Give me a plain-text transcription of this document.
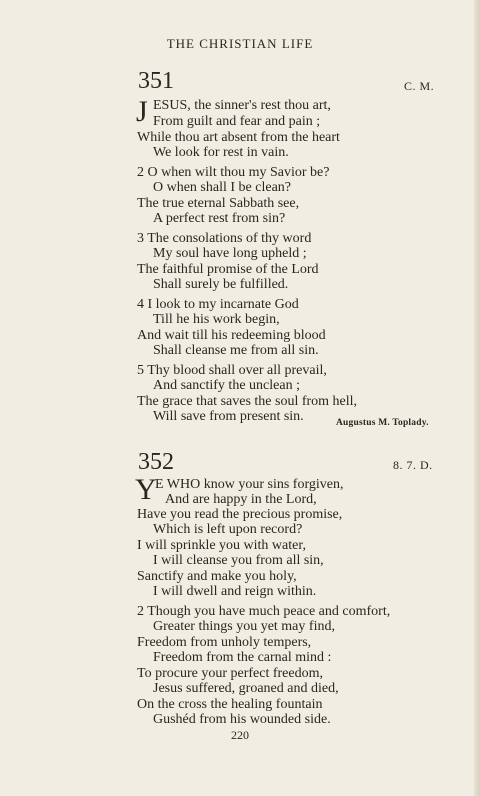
THE CHRISTIAN LIFE
351	C. M.
J ESUS, the sinner's rest thou art,
From guilt and fear and pain ;
While thou art absent from the heart
We look for rest in vain.
2 O when wilt thou my Savior be?
O when shall I be clean?
The true eternal Sabbath see,
A perfect rest from sin?
3 The consolations of thy word
My soul have long upheld ;
The faithful promise of the Lord
Shall surely be fulfilled.
4 I look to my incarnate God
Till he his work begin,
And wait till his redeeming blood
Shall cleanse me from all sin.
5 Thy blood shall over all prevail,
And sanctify the unclean ;
The grace that saves the soul from hell,
Will save from present sin.	Augustus M. Toplady.
352	8. 7. D.
Y
E WHO know your sins forgiven,
And are happy in the Lord,
Have you read the precious promise,
Which is left upon record?
I will sprinkle you with water,
I will cleanse you from all sin,
Sanctify and make you holy,
I will dwell and reign within.
2 Though you have much peace and comfort,
Greater things you yet may find,
Freedom from unholy tempers,
Freedom from the carnal mind :
To procure your perfect freedom,
Jesus suffered, groaned and died,
On the cross the healing fountain
Gushéd from his wounded side.
220
